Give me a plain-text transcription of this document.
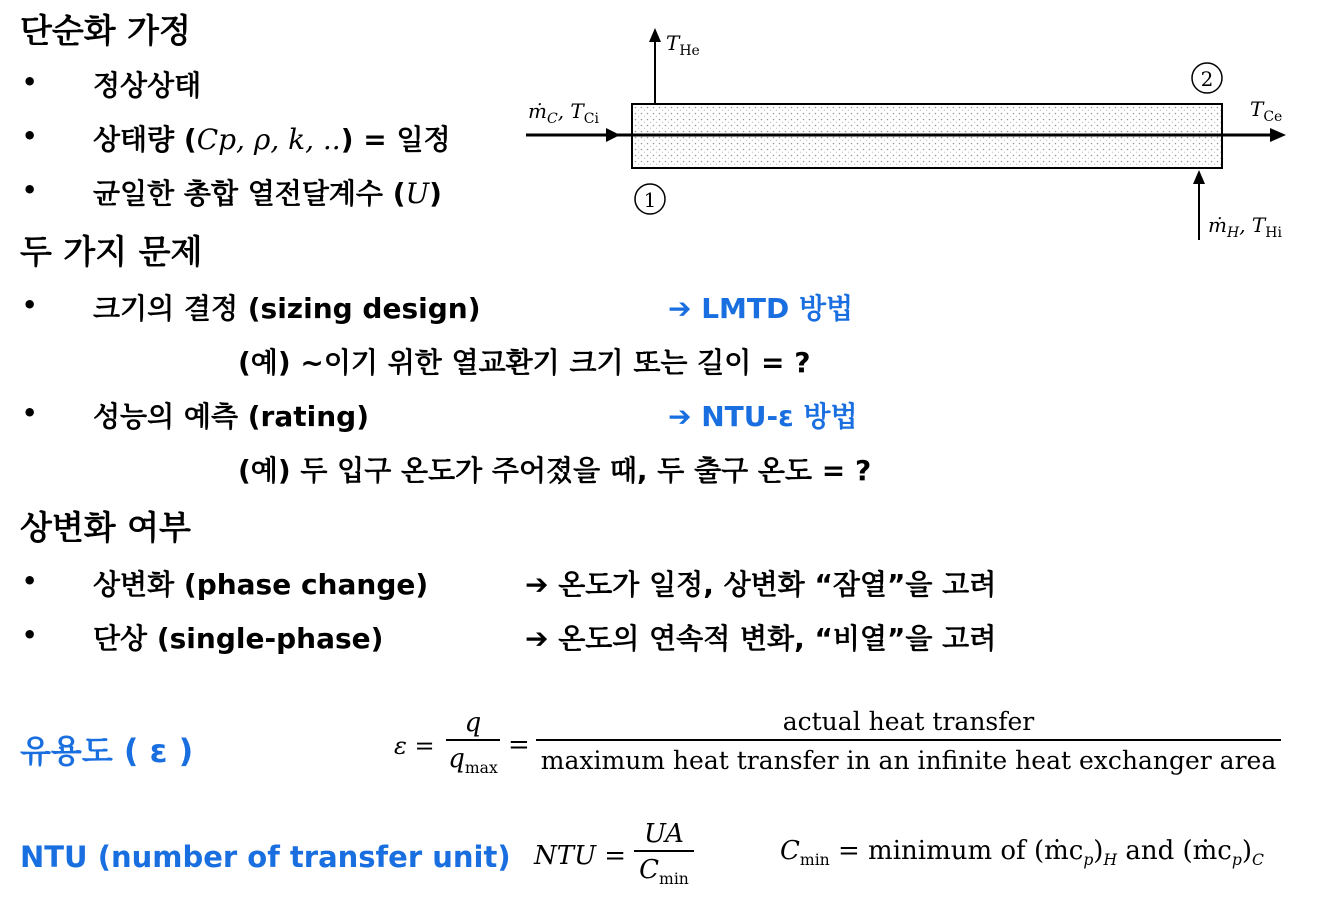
단순화 가정
• 정상상태
• 상태량 (Cp, ρ, k, ..) = 일정
• 균일한 총합 열전달계수 (U)
두 가지 문제
• 크기의 결정 (sizing design)	➔ LMTD 방법
(예) ~이기 위한 열교환기 크기 또는 길이 = ?
• 성능의 예측 (rating)	➔ NTU-ε 방법
(예) 두 입구 온도가 주어졌을 때, 두 출구 온도 = ?
상변화 여부
• 상변화 (phase change)	➔ 온도가 일정, 상변화 “잠열”을 고려
• 단상 (single-phase)	➔ 온도의 연속적 변화, “비열”을 고려
유용도 ( ε )	ε =
q
$q_{max}$
=
actual heat transfer
maximum heat transfer in an infinite heat exchanger area
NTU (number of transfer unit) NTU =
UA
$C_{min}$
$C_{min}$ = minimum of $(ṁc_p)_H$ and $(ṁc_p)_C$
1
2
$T_{He}$
ṁ$_C$, $T_{Ci}$	$T_{Ce}$
ṁ$_H$, $T_{Hi}$
